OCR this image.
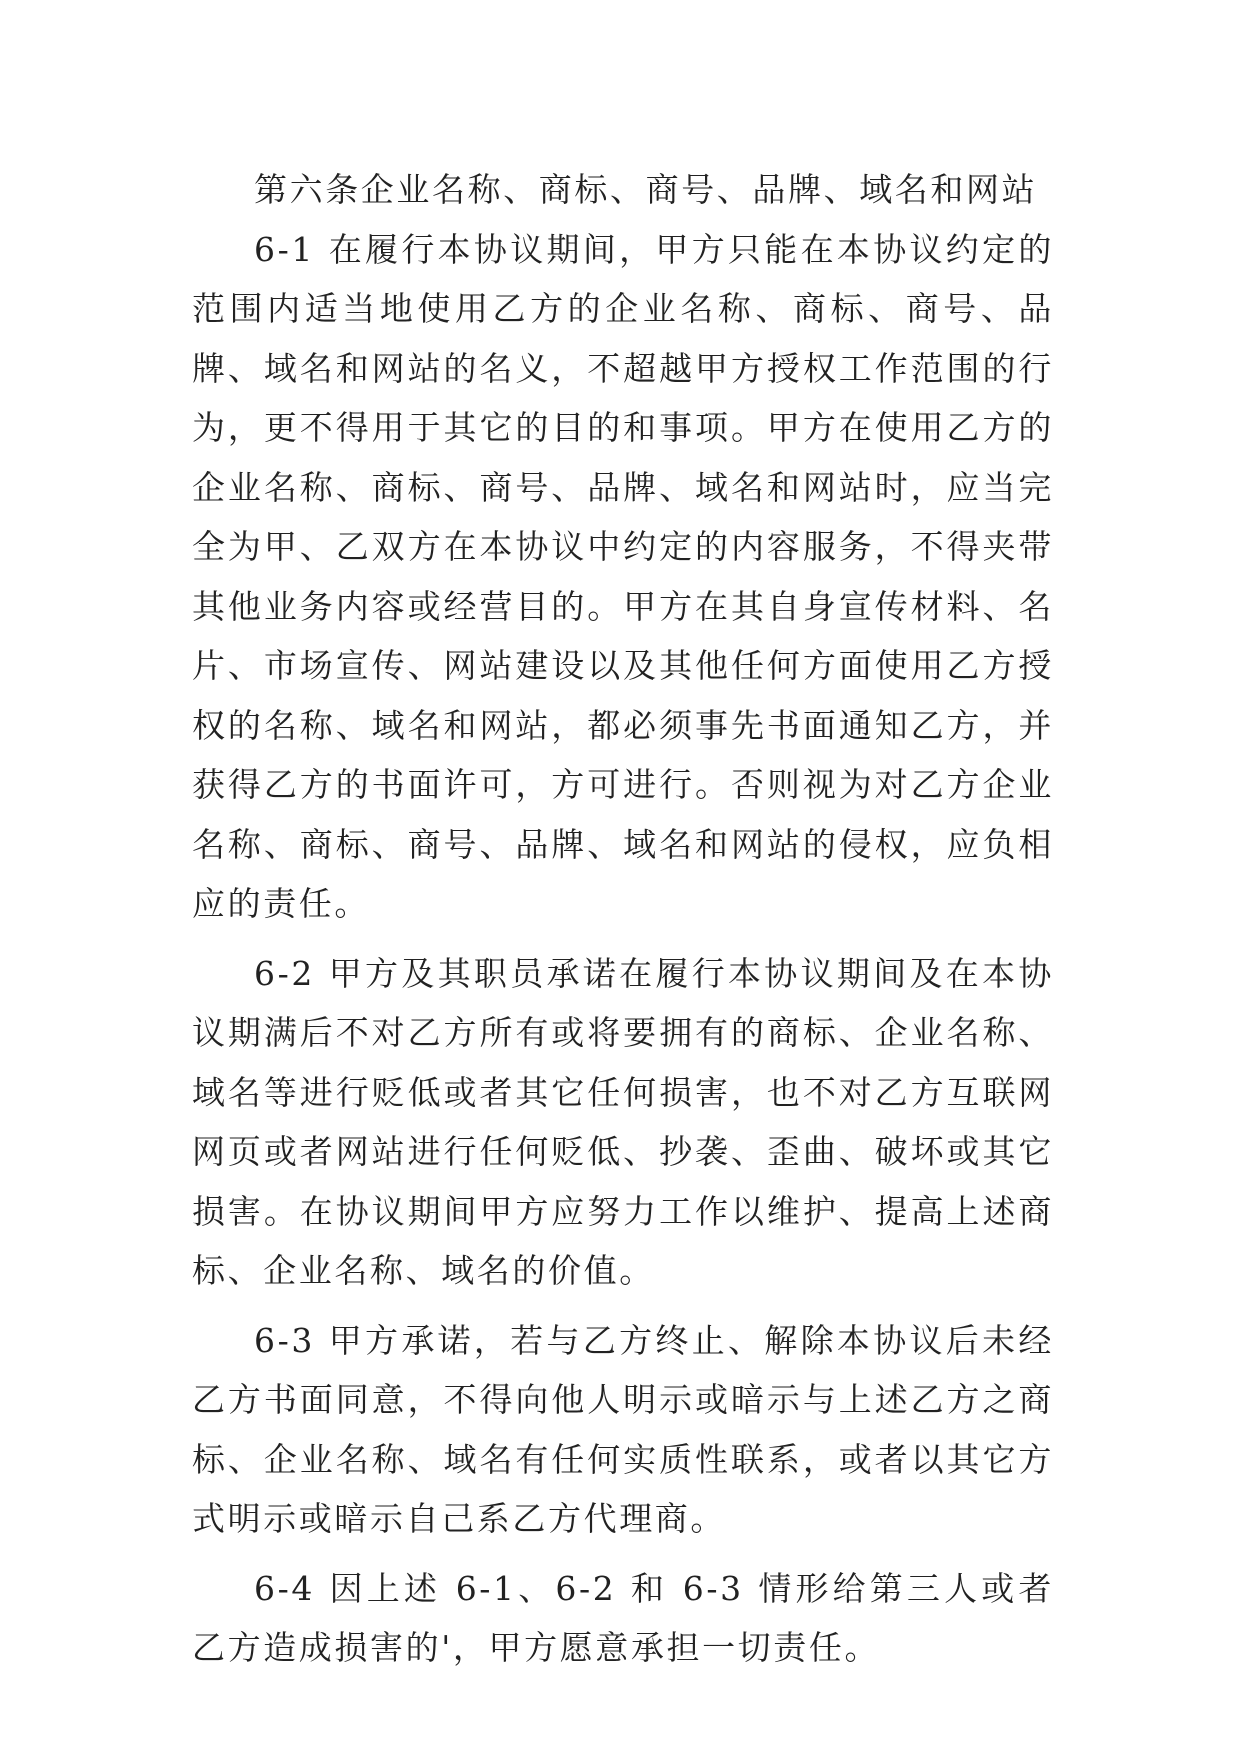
第六条企业名称、商标、商号、品牌、域名和网站

6-1 在履行本协议期间，甲方只能在本协议约定的范围内适当地使用乙方的企业名称、商标、商号、品牌、域名和网站的名义，不超越甲方授权工作范围的行为，更不得用于其它的目的和事项。甲方在使用乙方的企业名称、商标、商号、品牌、域名和网站时，应当完全为甲、乙双方在本协议中约定的内容服务，不得夹带其他业务内容或经营目的。甲方在其自身宣传材料、名片、市场宣传、网站建设以及其他任何方面使用乙方授权的名称、域名和网站，都必须事先书面通知乙方，并获得乙方的书面许可，方可进行。否则视为对乙方企业名称、商标、商号、品牌、域名和网站的侵权，应负相应的责任。

6-2 甲方及其职员承诺在履行本协议期间及在本协议期满后不对乙方所有或将要拥有的商标、企业名称、域名等进行贬低或者其它任何损害，也不对乙方互联网网页或者网站进行任何贬低、抄袭、歪曲、破坏或其它损害。在协议期间甲方应努力工作以维护、提高上述商标、企业名称、域名的价值。

6-3 甲方承诺，若与乙方终止、解除本协议后未经乙方书面同意，不得向他人明示或暗示与上述乙方之商标、企业名称、域名有任何实质性联系，或者以其它方式明示或暗示自己系乙方代理商。

6-4 因上述 6-1、6-2 和 6-3 情形给第三人或者乙方造成损害的'，甲方愿意承担一切责任。
